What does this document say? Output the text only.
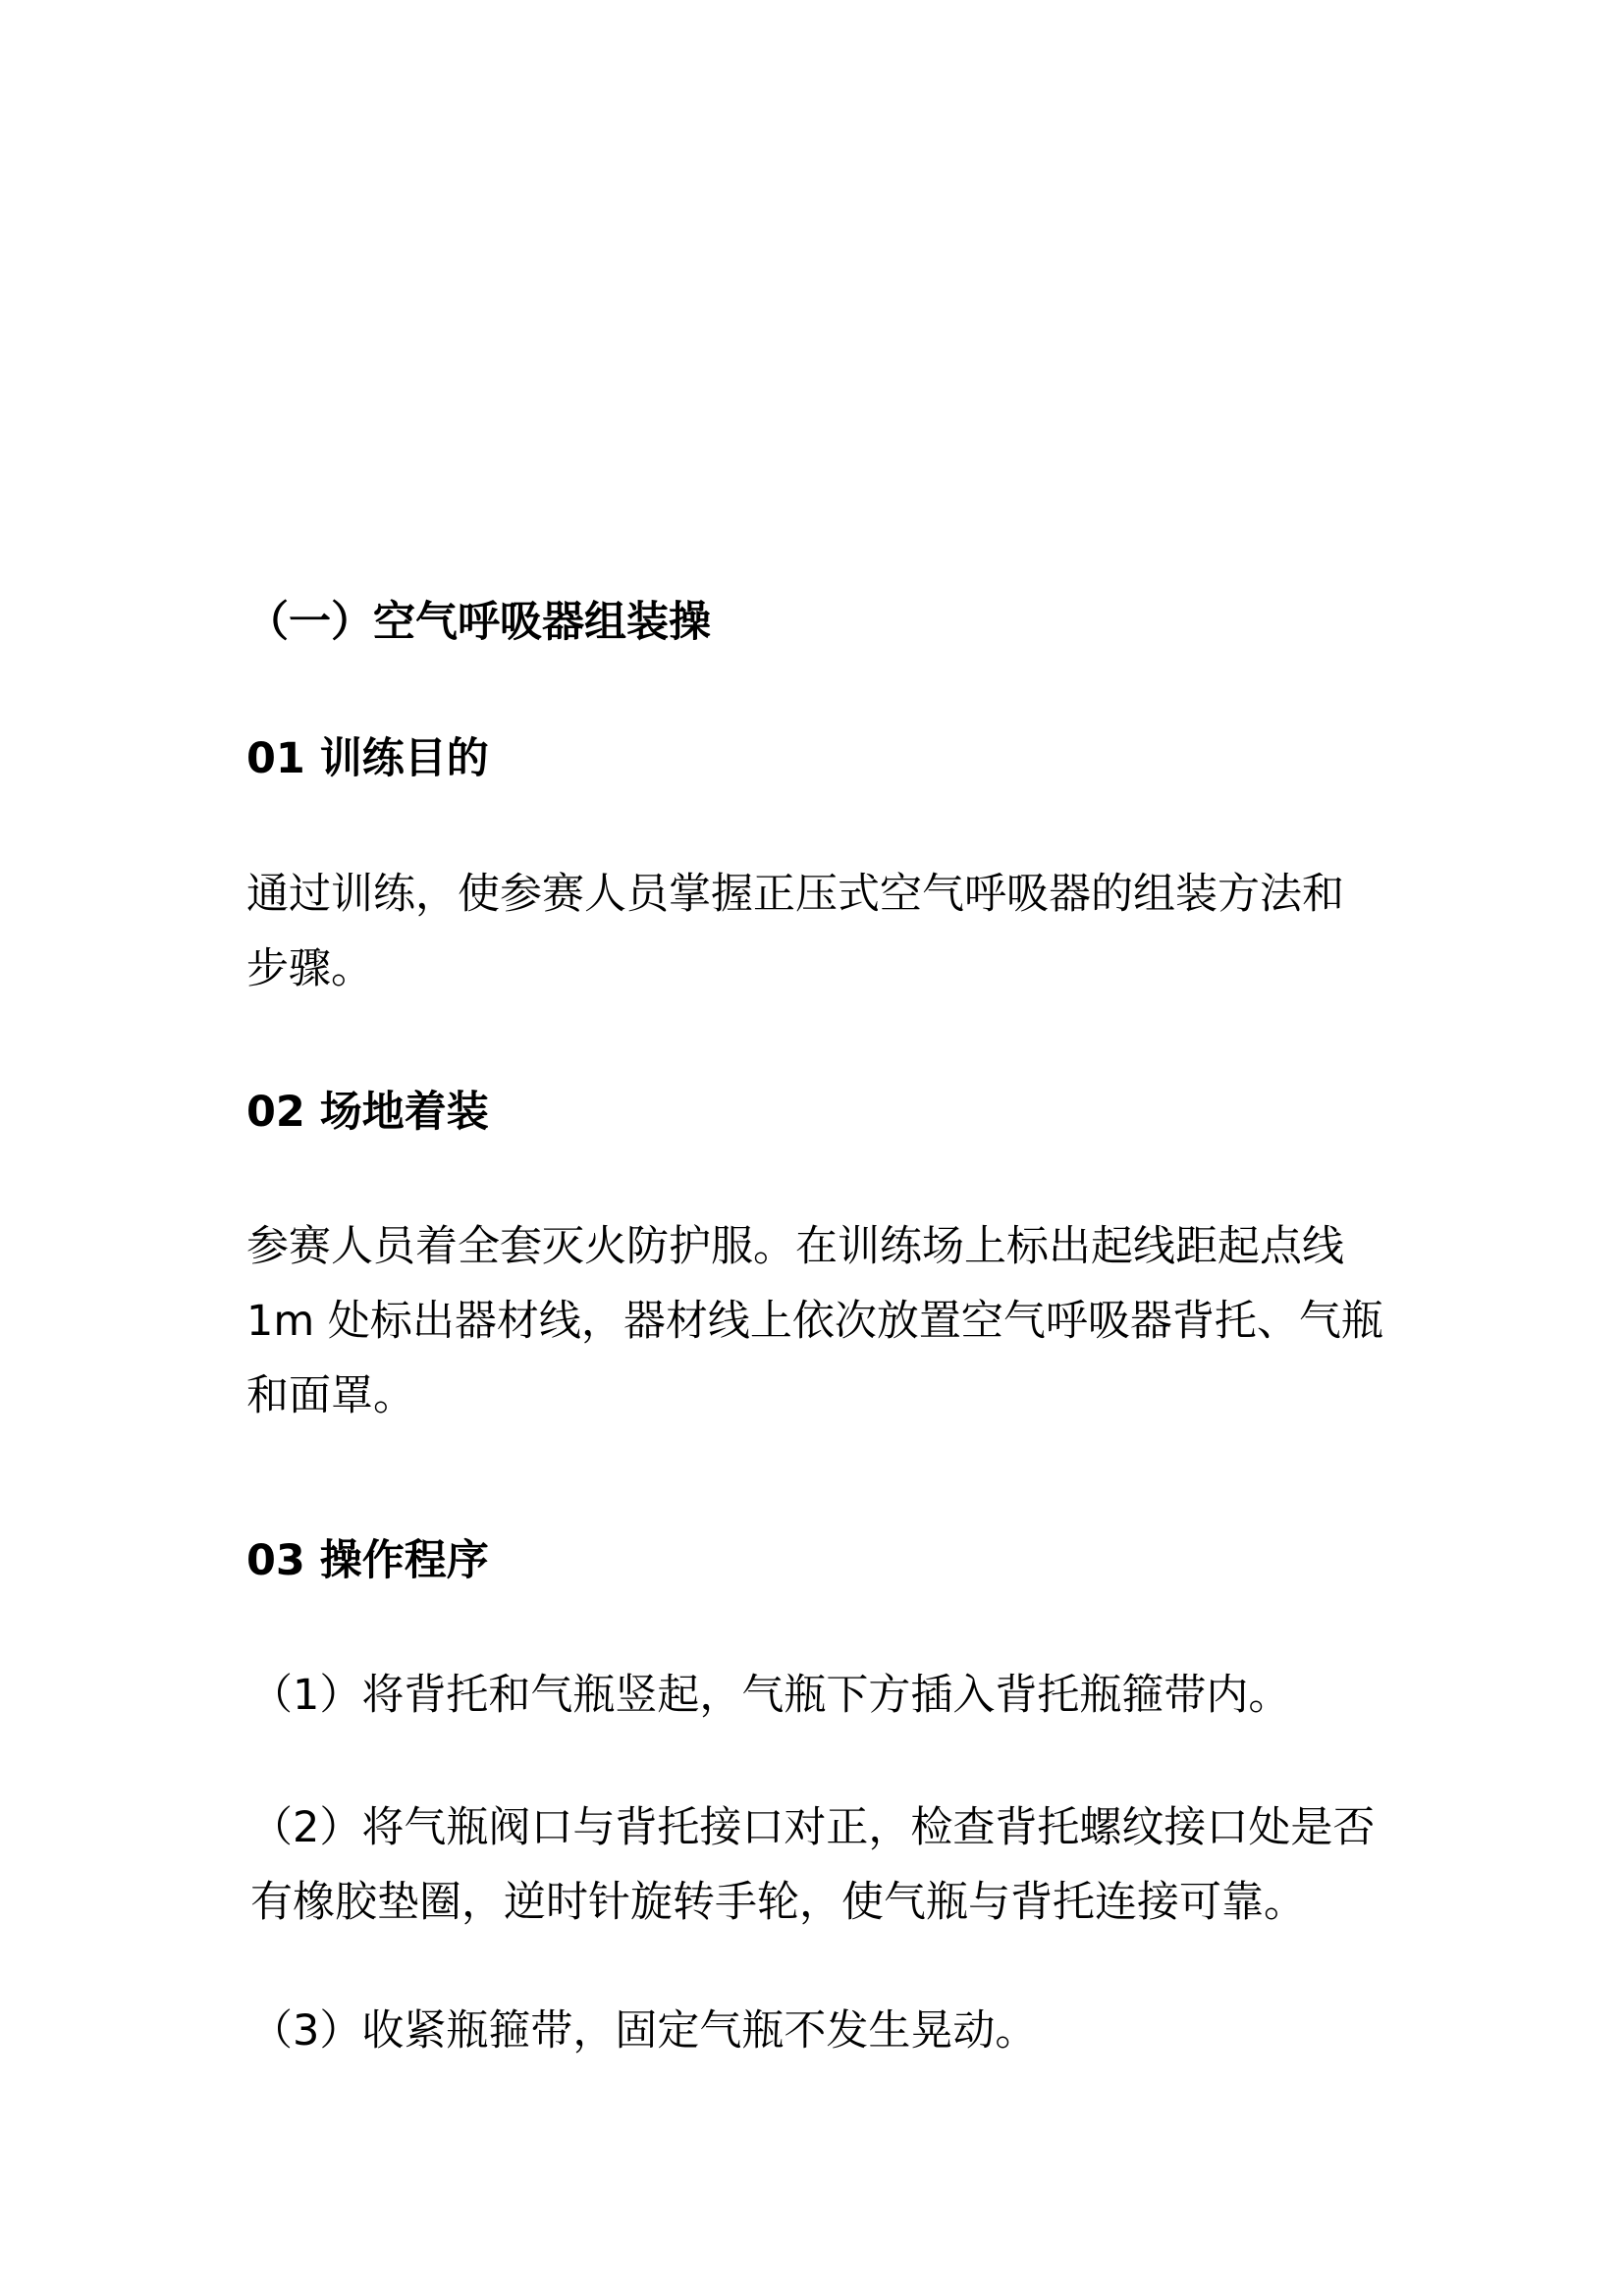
（一）空气呼吸器组装操
01 训练目的

通过训练，使参赛人员掌握正压式空气呼吸器的组装方法和步骤。

02 场地着装

参赛人员着全套灭火防护服。在训练场上标出起线距起点线 1m 处标出器材线，器材线上依次放置空气呼吸器背托、气瓶和面罩。

03 操作程序

（1）将背托和气瓶竖起，气瓶下方插入背托瓶箍带内。

（2）将气瓶阀口与背托接口对正，检查背托螺纹接口处是否有橡胶垫圈，逆时针旋转手轮，使气瓶与背托连接可靠。

（3）收紧瓶箍带，固定气瓶不发生晃动。
